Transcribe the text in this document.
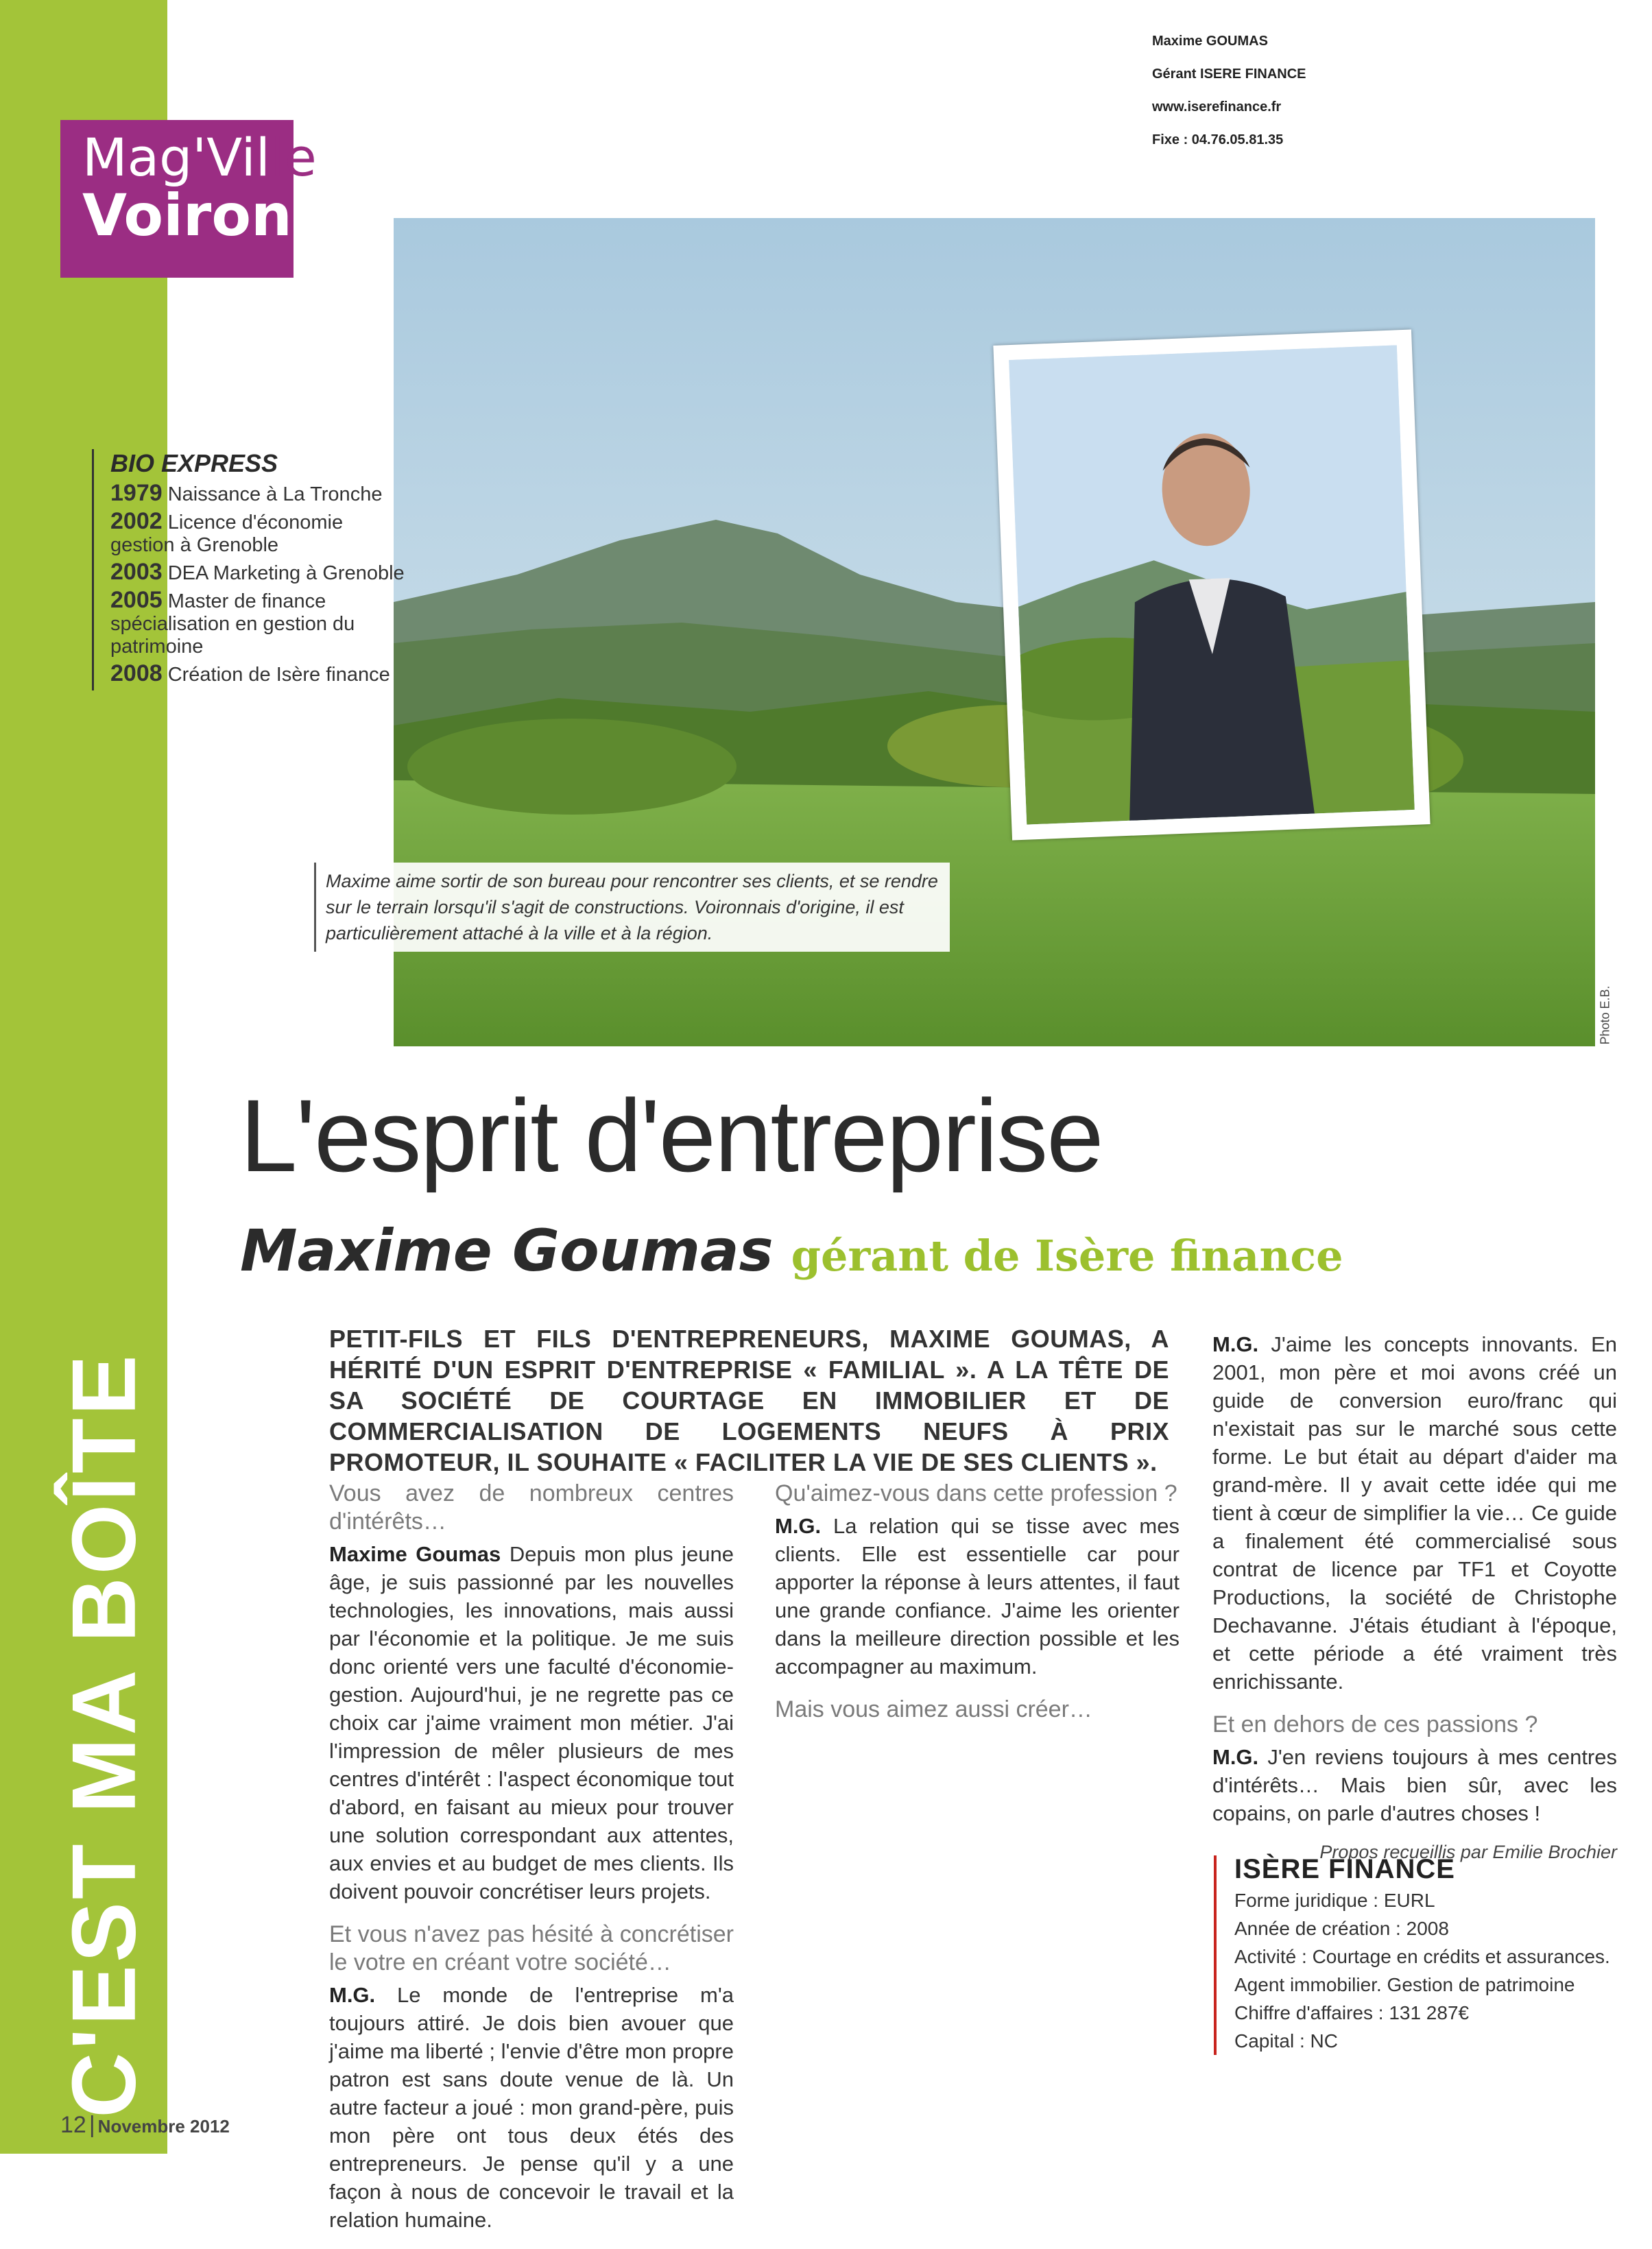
C'EST MA BOÎTE
Mag'Ville
Voiron
Maxime GOUMAS
Gérant ISERE FINANCE
www.iserefinance.fr
Fixe : 04.76.05.81.35
BIO EXPRESS
1979 Naissance à La Tronche
2002 Licence d'économie gestion à Grenoble
2003 DEA Marketing à Grenoble
2005 Master de finance spécialisation en gestion du patrimoine
2008 Création de Isère finance
Maxime aime sortir de son bureau pour rencontrer ses clients, et se rendre sur le terrain lorsqu'il s'agit de constructions. Voironnais d'origine, il est particulièrement attaché à la ville et à la région.
Photo E.B.
L'esprit d'entreprise
Maxime Goumas gérant de Isère finance
PETIT-FILS ET FILS D'ENTREPRENEURS, MAXIME GOUMAS, A HÉRITÉ D'UN ESPRIT D'ENTREPRISE « FAMILIAL ». A LA TÊTE DE SA SOCIÉTÉ DE COURTAGE EN IMMOBILIER ET DE COMMERCIALISATION DE LOGEMENTS NEUFS À PRIX PROMOTEUR, IL SOUHAITE « FACILITER LA VIE DE SES CLIENTS ».
Vous avez de nombreux centres d'intérêts…

Maxime Goumas Depuis mon plus jeune âge, je suis passionné par les nouvelles technologies, les innovations, mais aussi par l'économie et la politique. Je me suis donc orienté vers une faculté d'économie-gestion. Aujourd'hui, je ne regrette pas ce choix car j'aime vraiment mon métier. J'ai l'impression de mêler plusieurs de mes centres d'intérêt : l'aspect économique tout d'abord, en faisant au mieux pour trouver une solution correspondant aux attentes, aux envies et au budget de mes clients. Ils doivent pouvoir concrétiser leurs projets.

Et vous n'avez pas hésité à concrétiser le votre en créant votre société…

M.G. Le monde de l'entreprise m'a toujours attiré. Je dois bien avouer que j'aime ma liberté ; l'envie d'être mon propre patron est sans doute venue de là. Un autre facteur a joué : mon grand-père, puis mon père ont tous deux étés des entrepreneurs. Je pense qu'il y a une façon à nous de concevoir le travail et la relation humaine.

Qu'aimez-vous dans cette profession ?

M.G. La relation qui se tisse avec mes clients. Elle est essentielle car pour apporter la réponse à leurs attentes, il faut une grande confiance. J'aime les orienter dans la meilleure direction possible et les accompagner au maximum.

Mais vous aimez aussi créer…

M.G. J'aime les concepts innovants. En 2001, mon père et moi avons créé un guide de conversion euro/franc qui n'existait pas sur le marché sous cette forme. Le but était au départ d'aider ma grand-mère. Il y avait cette idée qui me tient à cœur de simplifier la vie… Ce guide a finalement été commercialisé sous contrat de licence par TF1 et Coyotte Productions, la société de Christophe Dechavanne. J'étais étudiant à l'époque, et cette période a été vraiment très enrichissante.

Et en dehors de ces passions ?

M.G. J'en reviens toujours à mes centres d'intérêts… Mais bien sûr, avec les copains, on parle d'autres choses !

Propos recueillis par Emilie Brochier
ISÈRE FINANCE
Forme juridique : EURL
Année de création : 2008
Activité : Courtage en crédits et assurances.
Agent immobilier. Gestion de patrimoine
Chiffre d'affaires : 131 287€
Capital : NC
12 | Novembre 2012
